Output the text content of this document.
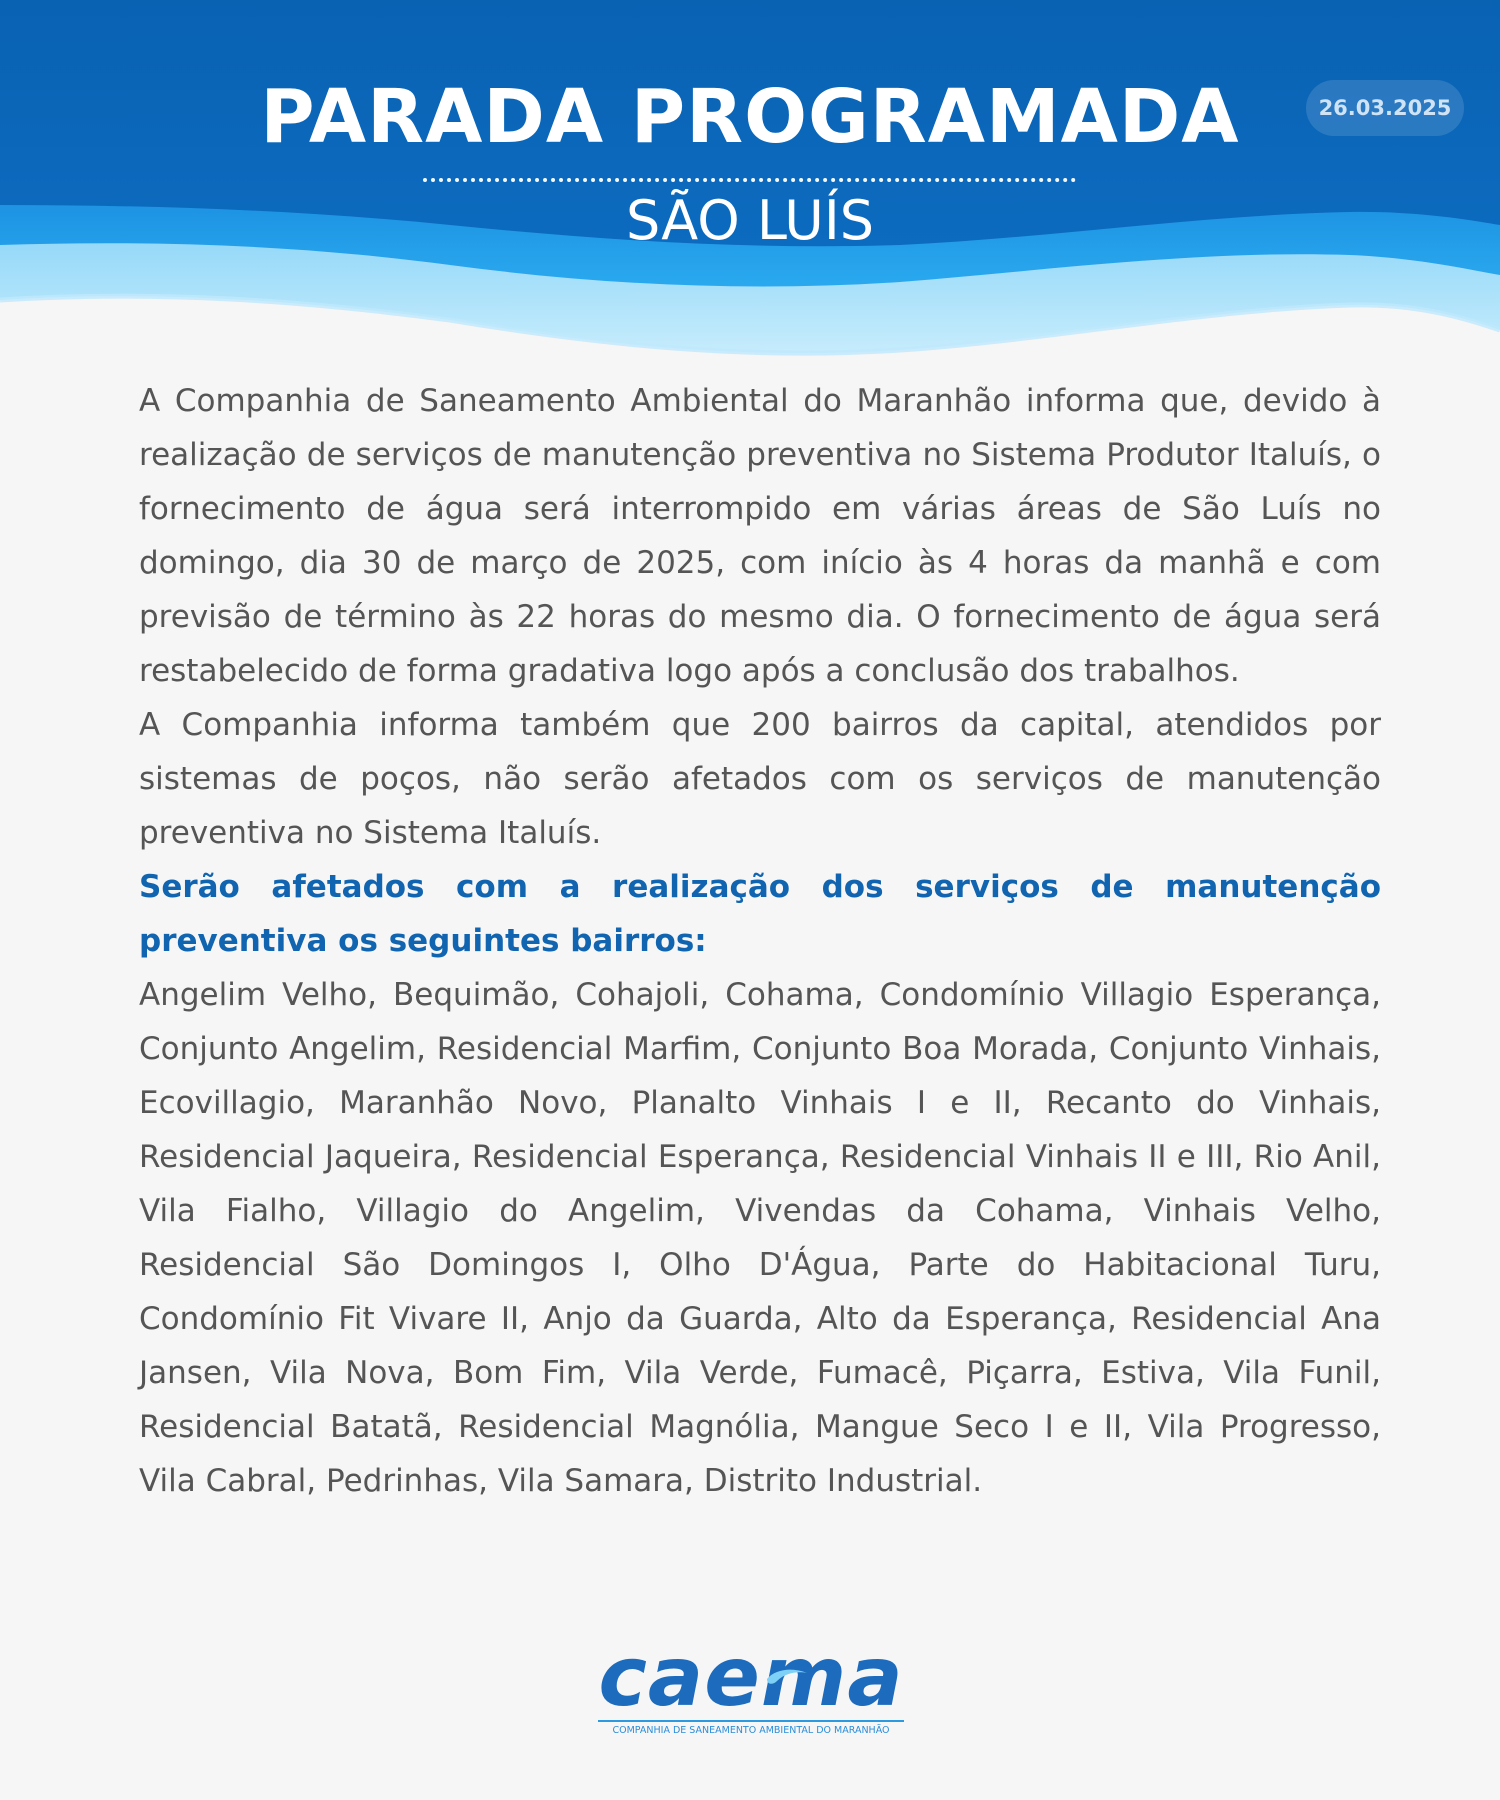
PARADA PROGRAMADA
SÃO LUÍS
26.03.2025

A Companhia de Saneamento Ambiental do Maranhão informa que, devido à realização de serviços de manutenção preventiva no Sistema Produtor Italuís, o fornecimento de água será interrompido em várias áreas de São Luís no domingo, dia 30 de março de 2025, com início às 4 horas da manhã e com previsão de término às 22 horas do mesmo dia. O fornecimento de água será restabelecido de forma gradativa logo após a conclusão dos trabalhos.

A Companhia informa também que 200 bairros da capital, atendidos por sistemas de poços, não serão afetados com os serviços de manutenção preventiva no Sistema Italuís.

Serão afetados com a realização dos serviços de manutenção preventiva os seguintes bairros:

Angelim Velho, Bequimão, Cohajoli, Cohama, Condomínio Villagio Esperança, Conjunto Angelim, Residencial Marfim, Conjunto Boa Morada, Conjunto Vinhais, Ecovillagio, Maranhão Novo, Planalto Vinhais I e II, Recanto do Vinhais, Residencial Jaqueira, Residencial Esperança, Residencial Vinhais II e III, Rio Anil, Vila Fialho, Villagio do Angelim, Vivendas da Cohama, Vinhais Velho, Residencial São Domingos I, Olho D'Água, Parte do Habitacional Turu, Condomínio Fit Vivare II, Anjo da Guarda, Alto da Esperança, Residencial Ana Jansen, Vila Nova, Bom Fim, Vila Verde, Fumacê, Piçarra, Estiva, Vila Funil, Residencial Batatã, Residencial Magnólia, Mangue Seco I e II, Vila Progresso, Vila Cabral, Pedrinhas, Vila Samara, Distrito Industrial.

caema
COMPANHIA DE SANEAMENTO AMBIENTAL DO MARANHÃO
